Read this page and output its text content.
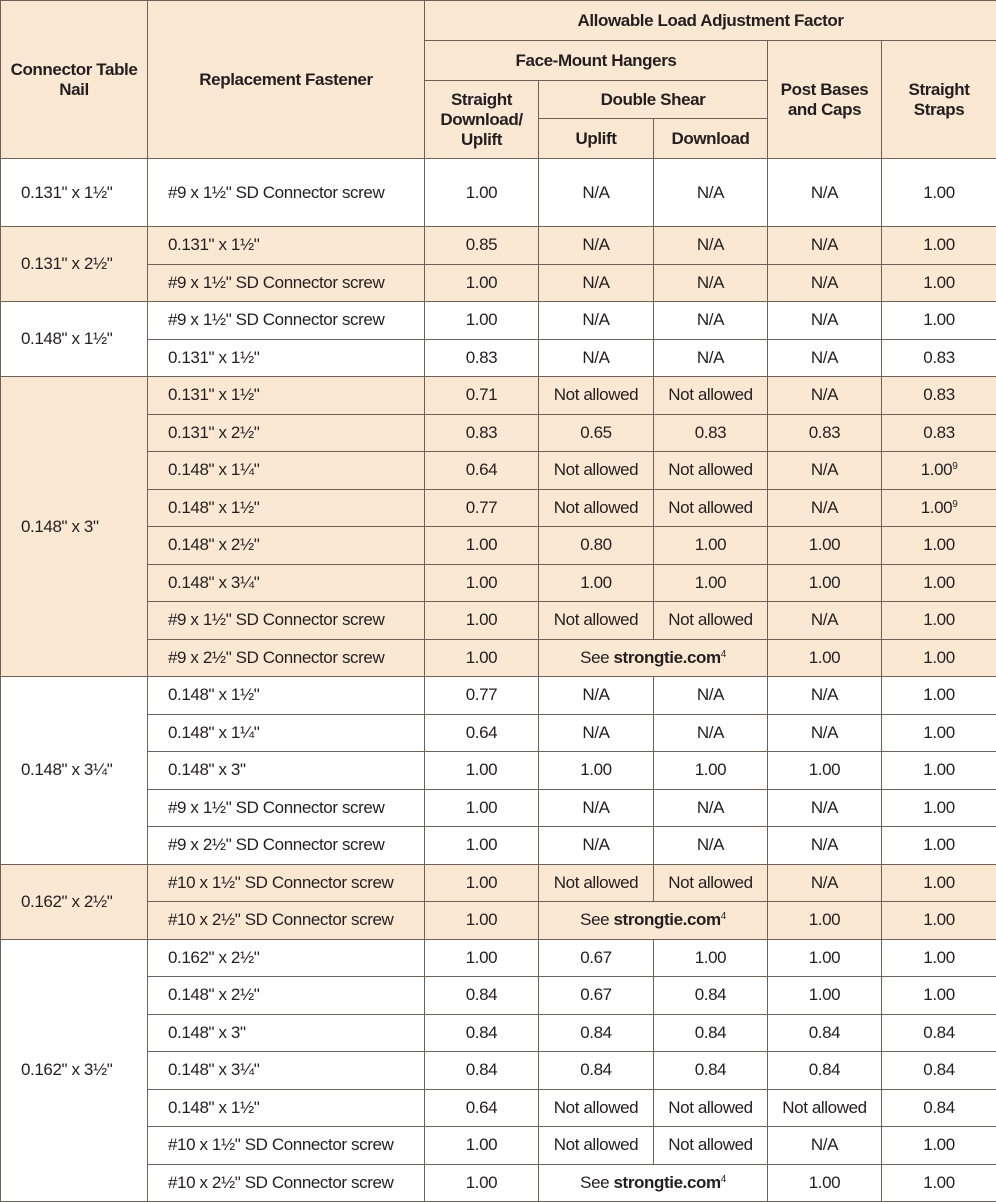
Connector Table Nail	Replacement Fastener	Allowable Load Adjustment Factor				
		Face-Mount Hangers			Post Bases and Caps	Straight Straps
		Straight Download/ Uplift	Double Shear			
			Uplift	Download		
0.131" x 1½"	#9 x 1½" SD Connector screw	1.00	N/A	N/A	N/A	1.00
0.131" x 2½"	0.131" x 1½"	0.85	N/A	N/A	N/A	1.00
	#9 x 1½" SD Connector screw	1.00	N/A	N/A	N/A	1.00
0.148" x 1½"	#9 x 1½" SD Connector screw	1.00	N/A	N/A	N/A	1.00
	0.131" x 1½"	0.83	N/A	N/A	N/A	0.83
0.148" x 3"	0.131" x 1½"	0.71	Not allowed	Not allowed	N/A	0.83
	0.131" x 2½"	0.83	0.65	0.83	0.83	0.83
	0.148" x 1¼"	0.64	Not allowed	Not allowed	N/A	1.00$^9$
	0.148" x 1½"	0.77	Not allowed	Not allowed	N/A	1.00$^9$
	0.148" x 2½"	1.00	0.80	1.00	1.00	1.00
	0.148" x 3¼"	1.00	1.00	1.00	1.00	1.00
	#9 x 1½" SD Connector screw	1.00	Not allowed	Not allowed	N/A	1.00
	#9 x 2½" SD Connector screw	1.00	See strongtie.com$^4$		1.00	1.00
0.148" x 3¼"	0.148" x 1½"	0.77	N/A	N/A	N/A	1.00
	0.148" x 1¼"	0.64	N/A	N/A	N/A	1.00
	0.148" x 3"	1.00	1.00	1.00	1.00	1.00
	#9 x 1½" SD Connector screw	1.00	N/A	N/A	N/A	1.00
	#9 x 2½" SD Connector screw	1.00	N/A	N/A	N/A	1.00
0.162" x 2½"	#10 x 1½" SD Connector screw	1.00	Not allowed	Not allowed	N/A	1.00
	#10 x 2½" SD Connector screw	1.00	See strongtie.com$^4$		1.00	1.00
0.162" x 3½"	0.162" x 2½"	1.00	0.67	1.00	1.00	1.00
	0.148" x 2½"	0.84	0.67	0.84	1.00	1.00
	0.148" x 3"	0.84	0.84	0.84	0.84	0.84
	0.148" x 3¼"	0.84	0.84	0.84	0.84	0.84
	0.148" x 1½"	0.64	Not allowed	Not allowed	Not allowed	0.84
	#10 x 1½" SD Connector screw	1.00	Not allowed	Not allowed	N/A	1.00
	#10 x 2½" SD Connector screw	1.00	See strongtie.com$^4$		1.00	1.00
